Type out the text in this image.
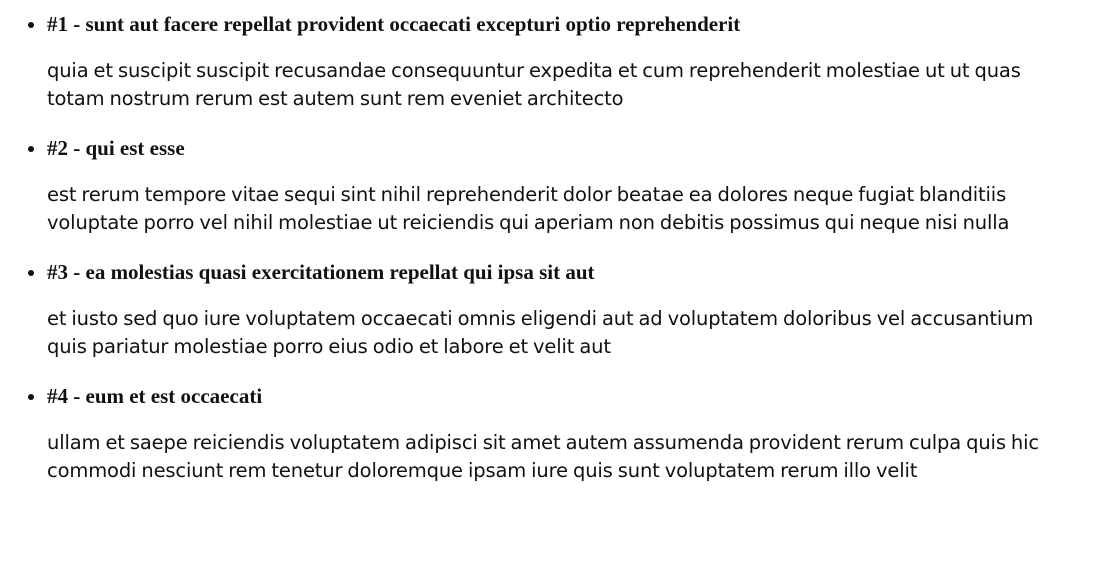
• #1 - sunt aut facere repellat provident occaecati excepturi optio reprehenderit

quia et suscipit suscipit recusandae consequuntur expedita et cum reprehenderit molestiae ut ut quas
totam nostrum rerum est autem sunt rem eveniet architecto

• #2 - qui est esse

est rerum tempore vitae sequi sint nihil reprehenderit dolor beatae ea dolores neque fugiat blanditiis
voluptate porro vel nihil molestiae ut reiciendis qui aperiam non debitis possimus qui neque nisi nulla

• #3 - ea molestias quasi exercitationem repellat qui ipsa sit aut

et iusto sed quo iure voluptatem occaecati omnis eligendi aut ad voluptatem doloribus vel accusantium
quis pariatur molestiae porro eius odio et labore et velit aut

• #4 - eum et est occaecati

ullam et saepe reiciendis voluptatem adipisci sit amet autem assumenda provident rerum culpa quis hic
commodi nesciunt rem tenetur doloremque ipsam iure quis sunt voluptatem rerum illo velit
